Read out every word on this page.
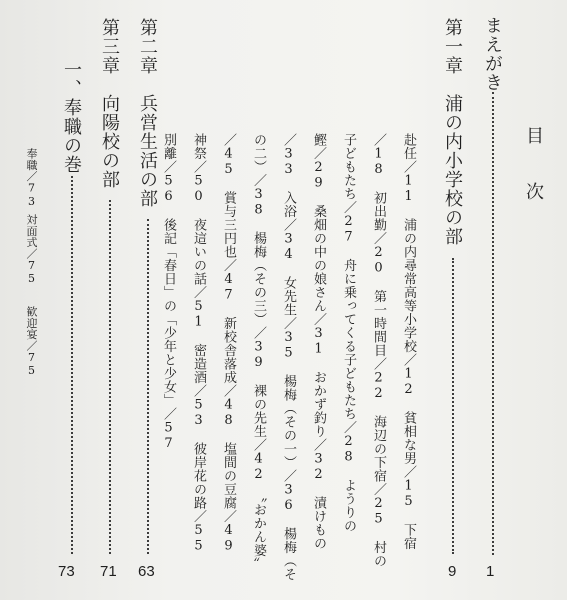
目　次
まえがき
1
第一章　浦の内小学校の部
9
赴任／11　浦の内尋常高等小学校／12　貧相な男／15　下宿
／18　初出勤／20　第一時間目／22　海辺の下宿／25　村の
子どもたち／27　舟に乗ってくる子どもたち／28　ようりの
鰹／29　桑畑の中の娘さん／31　おかず釣り／32　漬けもの
／33　入浴／34　女先生／35　楊梅（その一）／36　楊梅（そ
の二）／38　楊梅（その三）／39　裸の先生／42　〝おかん婆〟
／45　賞与三円也／47　新校舎落成／48　塩間の豆腐／49
神祭／50　夜這いの話／51　密造酒／53　彼岸花の路／55
別離／56　後記「春日」の「少年と少女」／57
第二章　兵営生活の部
63
第三章　向陽校の部
71
一、奉職の巻
73
奉職／73
対面式／75
歓迎宴／75
